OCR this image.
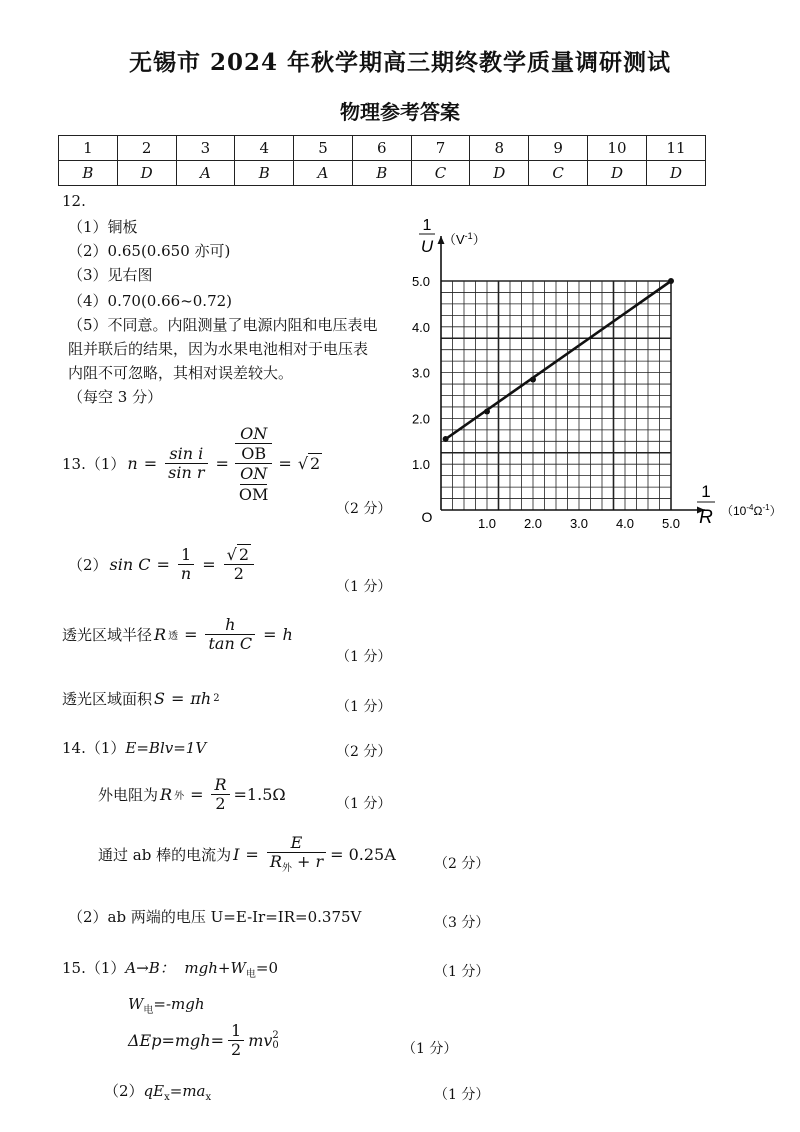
无锡市 2024 年秋学期高三期终教学质量调研测试
物理参考答案
1	2	3	4	5	6	7	8	9	10	11
B	D	A	B	A	B	C	D	C	D	D
12.
（1）铜板
（2）0.65(0.650 亦可)
（3）见右图
（4）0.70(0.66~0.72)
（5）不同意。内阻测量了电源内阻和电压表电
阻并联后的结果，因为水果电池相对于电压表
内阻不可忽略，其相对误差较大。
（每空 3 分）
1.0 2.0 3.0 4.0 5.0
1.0
2.0
3.0
4.0
5.0
1
U $(V^{-1})$
1
R $(10^{-4}\Omega^{-1})$
O
13.（1） $n = \frac{\text{sin i}}{\text{sin r}}$ =
ON
OB
ON
OM
= √ 2
（2 分）
（2） $\sin C = \frac{1}{n} = \frac{√ 2}{2}$
（1 分）
透光区域半径 R 透 = $\frac{h}{\text{tan C}} = h$
（1 分）
透光区域面积 S = πh 2
（1 分）
14.（1）E=Blv=1V	（2 分）
外电阻为 R 外 = $\frac{R}{2} =1.5\Omega$	（1 分）
通过 ab 棒的电流为 $I = \frac{E}{R_外 + r} = 0.25A$	（2 分）
（2）ab 两端的电压 U=E-Ir=IR=0.375V	（3 分）
15.（1）A→B： $mgh+W_电=0$	（1 分）
$W_电=$-mgh
$\Delta Ep=mgh= \frac{1}{2}$ mv 2
0	（1 分）
$(2)qE_x=ma_x$	（1 分）
